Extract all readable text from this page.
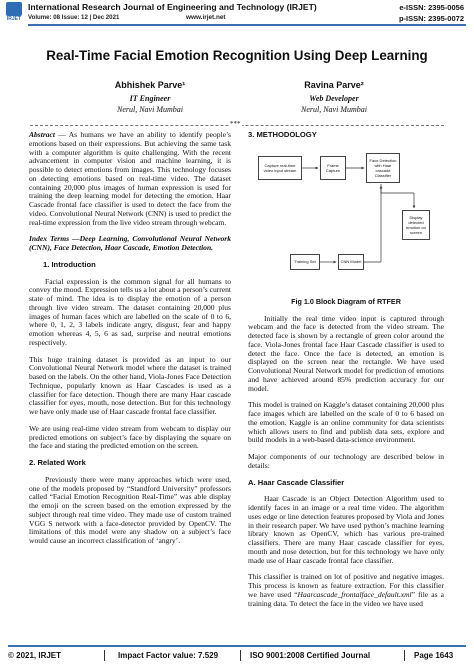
IRJET
International Research Journal of Engineering and Technology (IRJET)
Volume: 08 Issue: 12 | Dec 2021	www.irjet.net
e-ISSN: 2395-0056
p-ISSN: 2395-0072
Real-Time Facial Emotion Recognition Using Deep Learning
Abhishek Parve¹
IT Engineer
Nerul, Navi Mumbai
Ravina Parve²
Web Developer
Nerul, Navi Mumbai
***

Abstract — As humans we have an ability to identify people’s emotions based on their expressions. But achieving the same task with a computer algorithm is quite challenging. With the recent advancement in computer vision and machine learning, it is possible to detect emotions from images. This technology focuses on detecting emotions based on real-time video. The dataset containing 20,000 plus images of human expression is used for training the deep learning model for detecting the emotion. Haar Cascade frontal face classifier is used to detect the face from the video. Convolutional Neural Network (CNN) is used to predict the real-time expression from the live video stream through webcam.

Index Terms —Deep Learning, Convolutional Neural Network (CNN), Face Detection, Haar Cascade, Emotion Detection.

1. Introduction

Facial expression is the common signal for all humans to convey the mood. Expression tells us a lot about a person’s current state of mind. The idea is to display the emotion of a person through live video stream. The dataset containing 20,000 plus images of human faces which are labelled on the scale of 0 to 6, where 0, 1, 2, 3 labels indicate angry, disgust, fear and happy emotion whereas 4, 5, 6 as sad, surprise and neutral emotions respectively.

This huge training dataset is provided as an input to our Convolutional Neural Network model where the dataset is trained based on the labels. On the other hand, Viola-Jones Face Detection Technique, popularly known as Haar Cascades is used as a classifier for face detection. Though there are many Haar cascade classifier for eyes, mouth, nose detection. But for this technology we have only made use of Haar cascade frontal face classifier.

We are using real-time video stream from webcam to display our predicted emotions on subject’s face by displaying the square on the face and stating the predicted emotion on the screen.

2. Related Work

Previously there were many approaches which were used, one of the models proposed by “Standford University” professors called “Facial Emotion Recognition Real-Time” was able display the emoji on the screen based on the emotion expressed by the subject through real time video. They made use of custom trained VGG S network with a face-detector provided by OpenCV. The limitations of this model were any shadow on a subject’s face would cause an incorrect classification of ‘angry’.

3. METHODOLOGY
Capture real-time video input stream
Frame Capture
Face Detection with Haar cascade Classifier
Display detected emotion on screen
Training Set	CNN Model
Fig 1.0 Block Diagram of RTFER

Initially the real time video input is captured through webcam and the face is detected from the video stream. The detected face is shown by a rectangle of green color around the face. Viola-Jones frontal face Haar Cascade classifier is used to detect the face. Once the face is detected, an emotion is displayed on the screen near the rectangle. We have used Convolutional Neural Network model for prediction of emotions and have achieved around 85% prediction accuracy for our model.

This model is trained on Kaggle’s dataset containing 20,000 plus face images which are labelled on the scale of 0 to 6 based on the emotion. Kaggle is an online community for data scientists which allows users to find and publish data sets, explore and build models in a web-based data-science environment.

Major components of our technology are described below in details:

A. Haar Cascade Classifier

Haar Cascade is an Object Detection Algorithm used to identify faces in an image or a real time video. The algorithm uses edge or line detection features proposed by Viola and Jones in their research paper. We have used python’s machine learning library known as OpenCV, which has various pre-trained classifiers. There are many Haar cascade classifier for eyes, mouth and nose detection, but for this technology we have only made use of Haar cascade frontal face classifier.

This classifier is trained on lot of positive and negative images. This process is known as feature extraction. For this classifier we have used “Haarcascade_frontalface_default.xml” file as a training data. To detect the face in the video we have used

© 2021, IRJET	Impact Factor value: 7.529	ISO 9001:2008 Certified Journal	Page 1643
